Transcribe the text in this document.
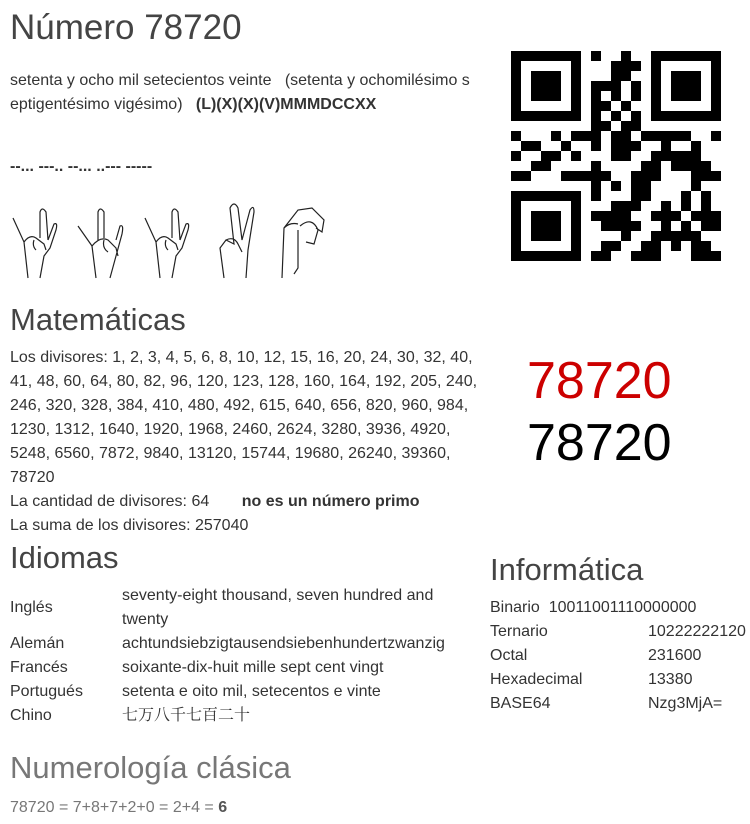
Número 78720
setenta y ocho mil setecientos veinte (setenta y ochomilésimo septigentésimo vigésimo) (L)(X)(X)(V)MMMDCCXX
--... ---.. --... ..--- -----
Matemáticas
Los divisores: 1, 2, 3, 4, 5, 6, 8, 10, 12, 15, 16, 20, 24, 30, 32, 40, 41, 48, 60, 64, 80, 82, 96, 120, 123, 128, 160, 164, 192, 205, 240, 246, 320, 328, 384, 410, 480, 492, 615, 640, 656, 820, 960, 984, 1230, 1312, 1640, 1920, 1968, 2460, 2624, 3280, 3936, 4920, 5248, 6560, 7872, 9840, 13120, 15744, 19680, 26240, 39360, 78720
La cantidad de divisores: 64 no es un número primo
La suma de los divisores: 257040
78720
78720
Idiomas
Inglés	seventy-eight thousand, seven hundred and twenty
Alemán	achtundsiebzigtausendsiebenhundertzwanzig
Francés	soixante-dix-huit mille sept cent vingt
Portugués	setenta e oito mil, setecentos e vinte
Chino	七万八千七百二十
Informática
Binario 10011001110000000	
Ternario	10222222120
Octal	231600
Hexadecimal	13380
BASE64	Nzg3MjA=
Numerología clásica
78720 = 7+8+7+2+0 = 2+4 = 6
